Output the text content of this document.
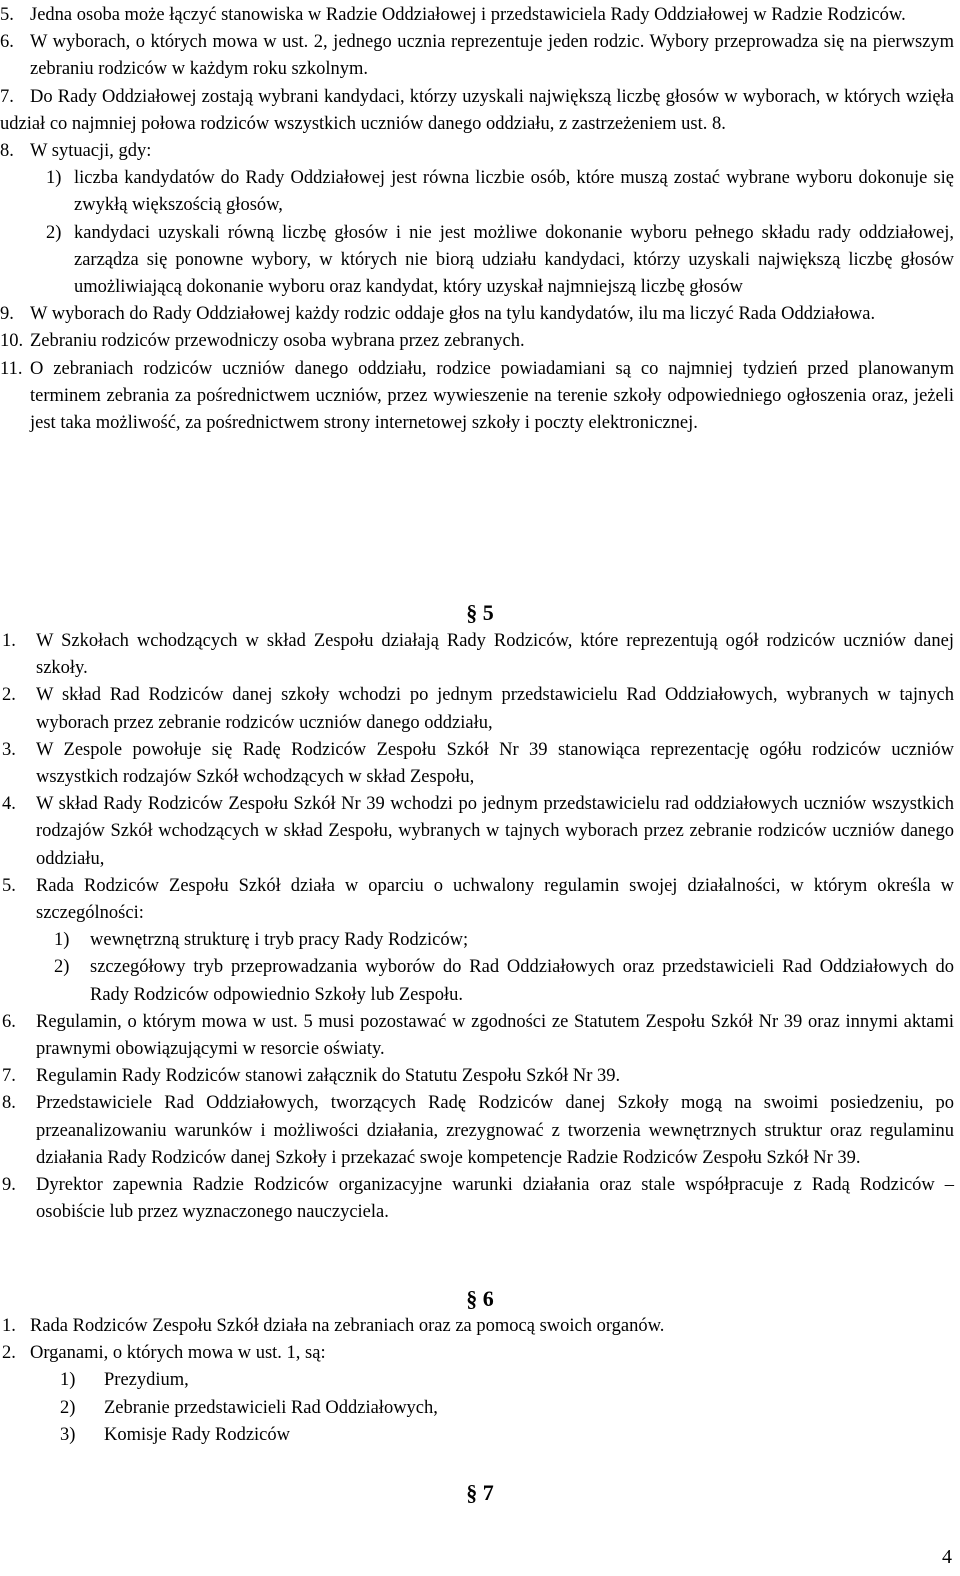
5. Jedna osoba może łączyć stanowiska w Radzie Oddziałowej i przedstawiciela Rady Oddziałowej w Radzie Rodziców.
6. W wyborach, o których mowa w ust. 2, jednego ucznia reprezentuje jeden rodzic. Wybory przeprowadza się na pierwszym zebraniu rodziców w każdym roku szkolnym.
7. Do Rady Oddziałowej zostają wybrani kandydaci, którzy uzyskali największą liczbę głosów w wyborach, w których wzięła udział co najmniej połowa rodziców wszystkich uczniów danego oddziału, z zastrzeżeniem ust. 8.
8. W sytuacji, gdy:
1) liczba kandydatów do Rady Oddziałowej jest równa liczbie osób, które muszą zostać wybrane wyboru dokonuje się zwykłą większością głosów,
2) kandydaci uzyskali równą liczbę głosów i nie jest możliwe dokonanie wyboru pełnego składu rady oddziałowej, zarządza się ponowne wybory, w których nie biorą udziału kandydaci, którzy uzyskali największą liczbę głosów umożliwiającą dokonanie wyboru oraz kandydat, który uzyskał najmniejszą liczbę głosów
9. W wyborach do Rady Oddziałowej każdy rodzic oddaje głos na tylu kandydatów, ilu ma liczyć Rada Oddziałowa.
10. Zebraniu rodziców przewodniczy osoba wybrana przez zebranych.
11. O zebraniach rodziców uczniów danego oddziału, rodzice powiadamiani są co najmniej tydzień przed planowanym terminem zebrania za pośrednictwem uczniów, przez wywieszenie na terenie szkoły odpowiedniego ogłoszenia oraz, jeżeli jest taka możliwość, za pośrednictwem strony internetowej szkoły i poczty elektronicznej.
§ 5
1. W Szkołach wchodzących w skład Zespołu działają Rady Rodziców, które reprezentują ogół rodziców uczniów danej szkoły.
2. W skład Rad Rodziców danej szkoły wchodzi po jednym przedstawicielu Rad Oddziałowych, wybranych w tajnych wyborach przez zebranie rodziców uczniów danego oddziału,
3. W Zespole powołuje się Radę Rodziców Zespołu Szkół Nr 39 stanowiąca reprezentację ogółu rodziców uczniów wszystkich rodzajów Szkół wchodzących w skład Zespołu,
4. W skład Rady Rodziców Zespołu Szkół Nr 39 wchodzi po jednym przedstawicielu rad oddziałowych uczniów wszystkich rodzajów Szkół wchodzących w skład Zespołu, wybranych w tajnych wyborach przez zebranie rodziców uczniów danego oddziału,
5. Rada Rodziców Zespołu Szkół działa w oparciu o uchwalony regulamin swojej działalności, w którym określa w szczególności:
1) wewnętrzną strukturę i tryb pracy Rady Rodziców;
2) szczegółowy tryb przeprowadzania wyborów do Rad Oddziałowych oraz przedstawicieli Rad Oddziałowych do Rady Rodziców odpowiednio Szkoły lub Zespołu.
6. Regulamin, o którym mowa w ust. 5 musi pozostawać w zgodności ze Statutem Zespołu Szkół Nr 39 oraz innymi aktami prawnymi obowiązującymi w resorcie oświaty.
7. Regulamin Rady Rodziców stanowi załącznik do Statutu Zespołu Szkół Nr 39.
8. Przedstawiciele Rad Oddziałowych, tworzących Radę Rodziców danej Szkoły mogą na swoimi posiedzeniu, po przeanalizowaniu warunków i możliwości działania, zrezygnować z tworzenia wewnętrznych struktur oraz regulaminu działania Rady Rodziców danej Szkoły i przekazać swoje kompetencje Radzie Rodziców Zespołu Szkół Nr 39.
9. Dyrektor zapewnia Radzie Rodziców organizacyjne warunki działania oraz stale współpracuje z Radą Rodziców – osobiście lub przez wyznaczonego nauczyciela.
§ 6
1. Rada Rodziców Zespołu Szkół działa na zebraniach oraz za pomocą swoich organów.
2. Organami, o których mowa w ust. 1, są:
1) Prezydium,
2) Zebranie przedstawicieli Rad Oddziałowych,
3) Komisje Rady Rodziców
§ 7
4
